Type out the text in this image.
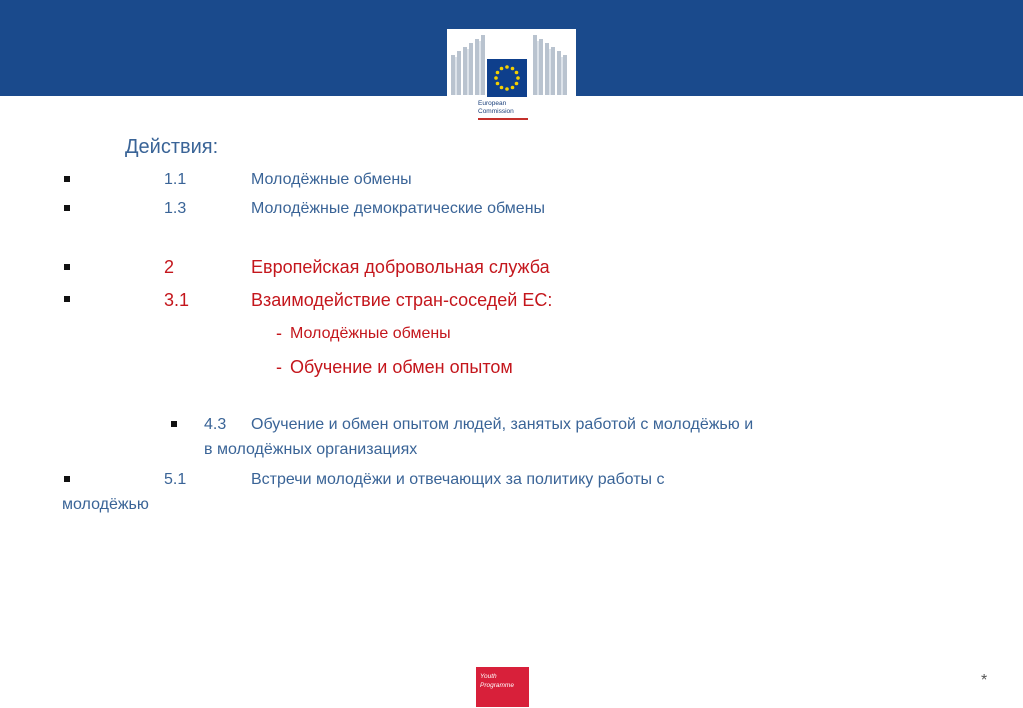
European
Commission
Действия:
1.1	Молодёжные обмены
1.3	Молодёжные демократические обмены
2	Европейская добровольная служба
3.1	Взаимодействие стран-соседей ЕС:
- Молодёжные обмены
- Обучение и обмен опытом
4.3 Обучение и обмен опытом людей, занятых работой с молодёжью и
в молодёжных организациях
5.1	Встречи молодёжи и отвечающих за политику работы с
молодёжью
Youth
Programme	*
